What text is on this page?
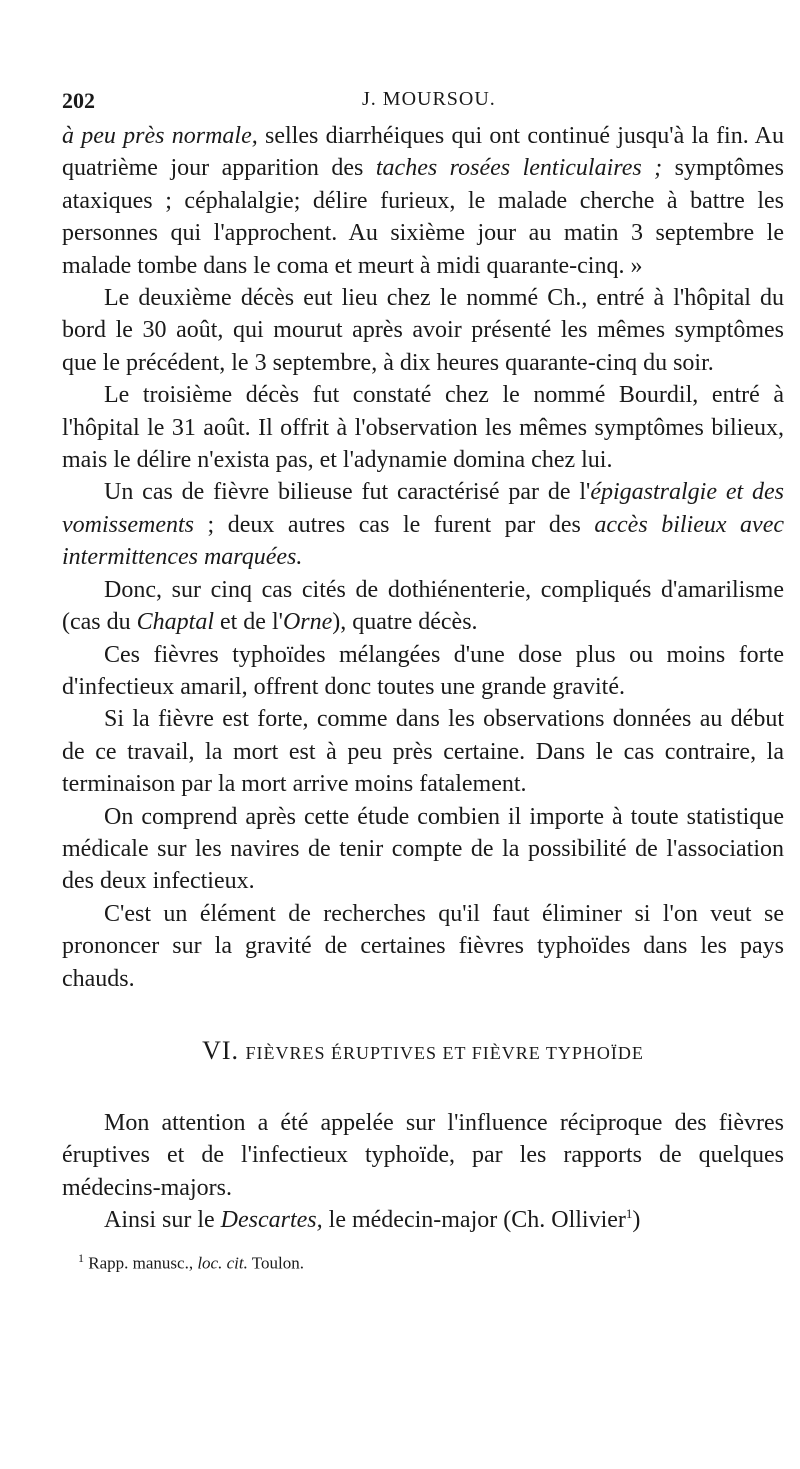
202	J. MOURSOU.

à peu près normale, selles diarrhéiques qui ont continué jusqu'à la fin. Au quatrième jour apparition des taches rosées lenticulaires ; symptômes ataxiques ; céphalalgie; délire furieux, le malade cherche à battre les personnes qui l'approchent. Au sixième jour au matin 3 septembre le malade tombe dans le coma et meurt à midi quarante-cinq. »

Le deuxième décès eut lieu chez le nommé Ch., entré à l'hôpital du bord le 30 août, qui mourut après avoir présenté les mêmes symptômes que le précédent, le 3 septembre, à dix heures quarante-cinq du soir.

Le troisième décès fut constaté chez le nommé Bourdil, entré à l'hôpital le 31 août. Il offrit à l'observation les mêmes symptômes bilieux, mais le délire n'exista pas, et l'adynamie domina chez lui.

Un cas de fièvre bilieuse fut caractérisé par de l'épigastralgie et des vomissements ; deux autres cas le furent par des accès bilieux avec intermittences marquées.

Donc, sur cinq cas cités de dothiénenterie, compliqués d'amarilisme (cas du Chaptal et de l'Orne), quatre décès.

Ces fièvres typhoïdes mélangées d'une dose plus ou moins forte d'infectieux amaril, offrent donc toutes une grande gravité.

Si la fièvre est forte, comme dans les observations données au début de ce travail, la mort est à peu près certaine. Dans le cas contraire, la terminaison par la mort arrive moins fatalement.

On comprend après cette étude combien il importe à toute statistique médicale sur les navires de tenir compte de la possibilité de l'association des deux infectieux.

C'est un élément de recherches qu'il faut éliminer si l'on veut se prononcer sur la gravité de certaines fièvres typhoïdes dans les pays chauds.

VI. FIÈVRES ÉRUPTIVES ET FIÈVRE TYPHOÏDE

Mon attention a été appelée sur l'influence réciproque des fièvres éruptives et de l'infectieux typhoïde, par les rapports de quelques médecins-majors.

Ainsi sur le Descartes, le médecin-major (Ch. Ollivier$^1$)

$^1$ Rapp. manusc., loc. cit. Toulon.
